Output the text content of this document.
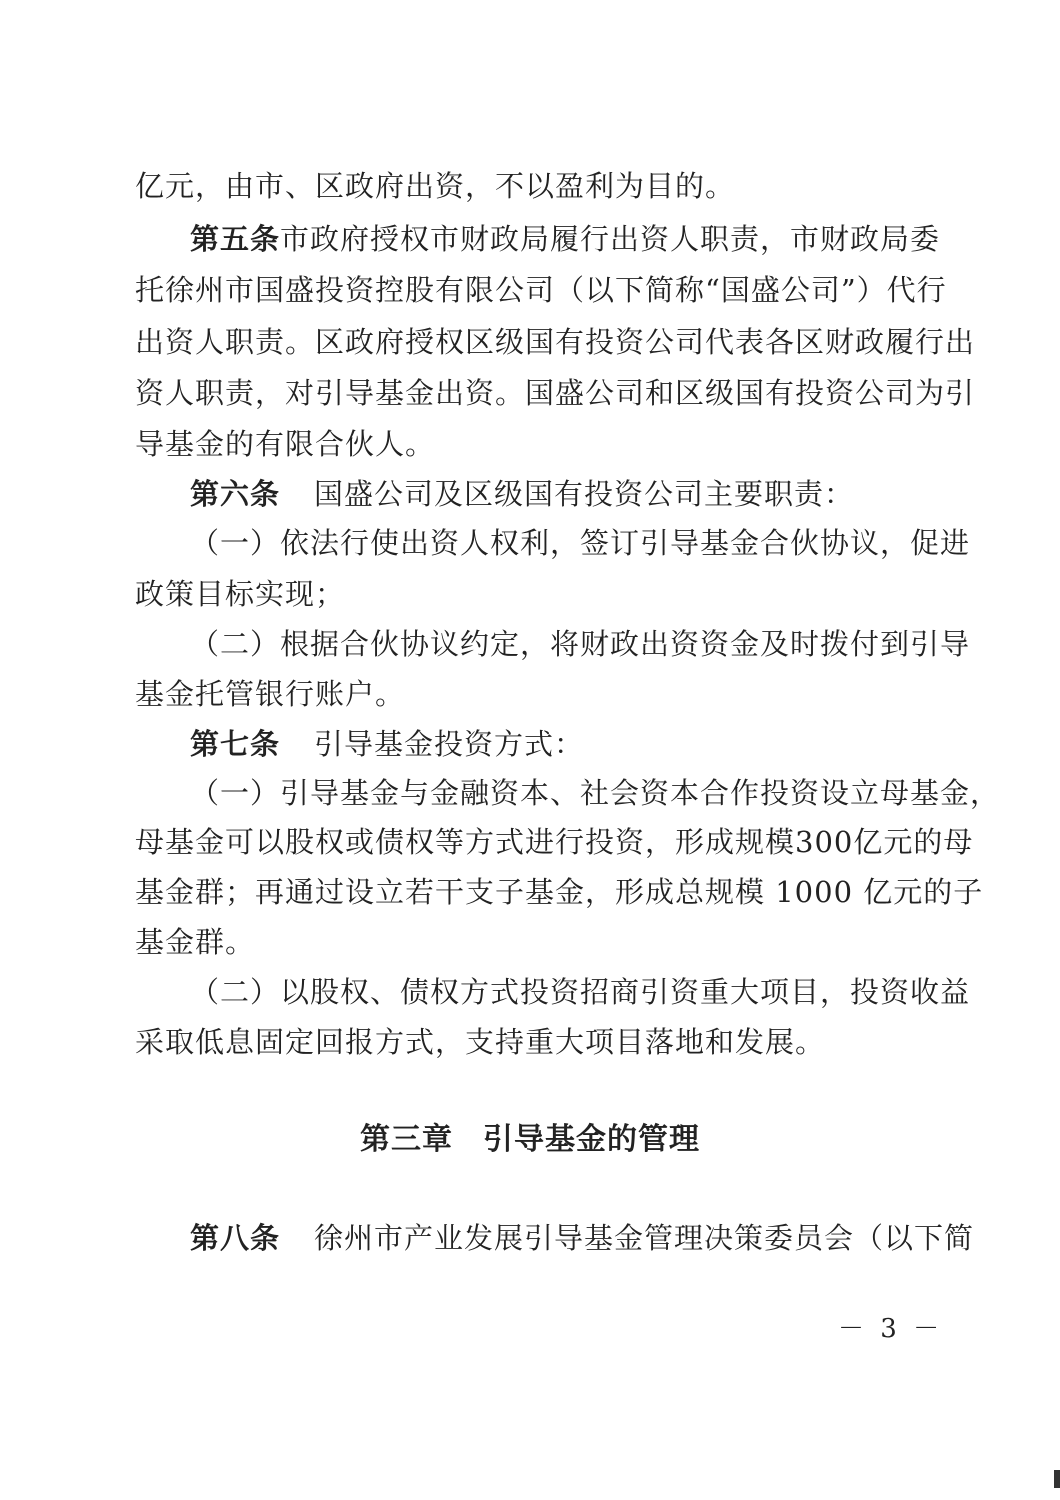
亿元，由市、区政府出资，不以盈利为目的。
第五条 市政府授权市财政局履行出资人职责，市财政局委
托徐州市国盛投资控股有限公司（以下简称“国盛公司”）代行
出资人职责。区政府授权区级国有投资公司代表各区财政履行出
资人职责，对引导基金出资。国盛公司和区级国有投资公司为引
导基金的有限合伙人。
第六条 国盛公司及区级国有投资公司主要职责：
（一）依法行使出资人权利，签订引导基金合伙协议，促进
政策目标实现；
（二）根据合伙协议约定，将财政出资资金及时拨付到引导
基金托管银行账户。
第七条 引导基金投资方式：
（一）引导基金与金融资本、社会资本合作投资设立母基金，
母基金可以股权或债权等方式进行投资，形成规模300亿元的母
基金群；再通过设立若干支子基金，形成总规模 1000 亿元的子
基金群。
（二）以股权、债权方式投资招商引资重大项目，投资收益
采取低息固定回报方式，支持重大项目落地和发展。
第三章 引导基金的管理
第八条 徐州市产业发展引导基金管理决策委员会（以下简
－ 3 －
